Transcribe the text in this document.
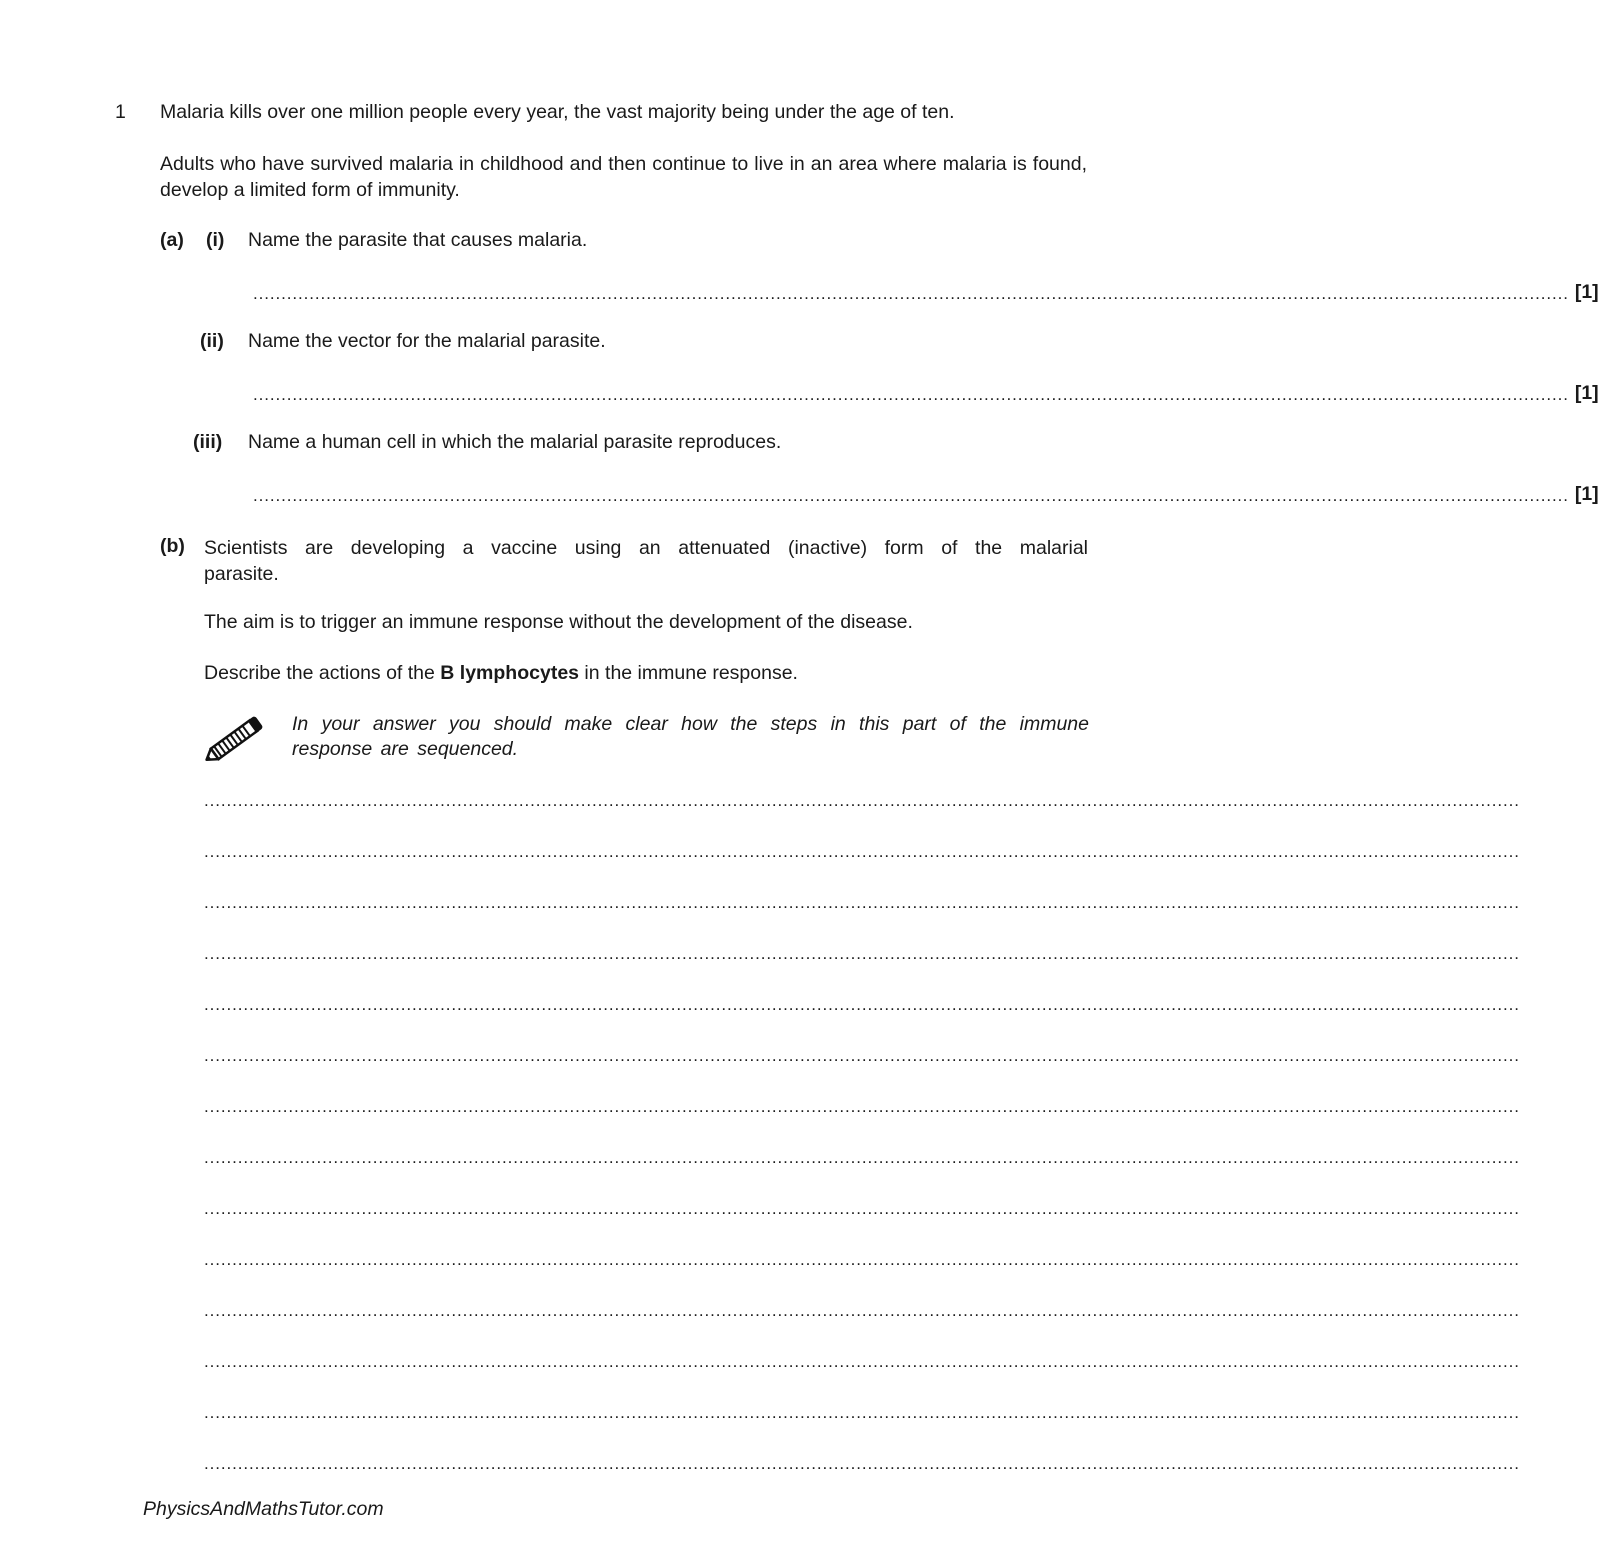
1 Malaria kills over one million people every year, the vast majority being under the age of ten.
Adults who have survived malaria in childhood and then continue to live in an area where malaria is found, develop a limited form of immunity.
(a) (i) Name the parasite that causes malaria.
.......................................................................................................................................................................................................................................... [1]
(ii) Name the vector for the malarial parasite.
.......................................................................................................................................................................................................................................... [1]
(iii) Name a human cell in which the malarial parasite reproduces.
.......................................................................................................................................................................................................................................... [1]
(b) Scientists are developing a vaccine using an attenuated (inactive) form of the malarial parasite.
The aim is to trigger an immune response without the development of the disease.
Describe the actions of the B lymphocytes in the immune response.
In your answer you should make clear how the steps in this part of the immune response are sequenced.
..........................................................................................................................................................................................................................................
..........................................................................................................................................................................................................................................
..........................................................................................................................................................................................................................................
..........................................................................................................................................................................................................................................
..........................................................................................................................................................................................................................................
..........................................................................................................................................................................................................................................
..........................................................................................................................................................................................................................................
..........................................................................................................................................................................................................................................
..........................................................................................................................................................................................................................................
..........................................................................................................................................................................................................................................
..........................................................................................................................................................................................................................................
..........................................................................................................................................................................................................................................
..........................................................................................................................................................................................................................................
..........................................................................................................................................................................................................................................
PhysicsAndMathsTutor.com
